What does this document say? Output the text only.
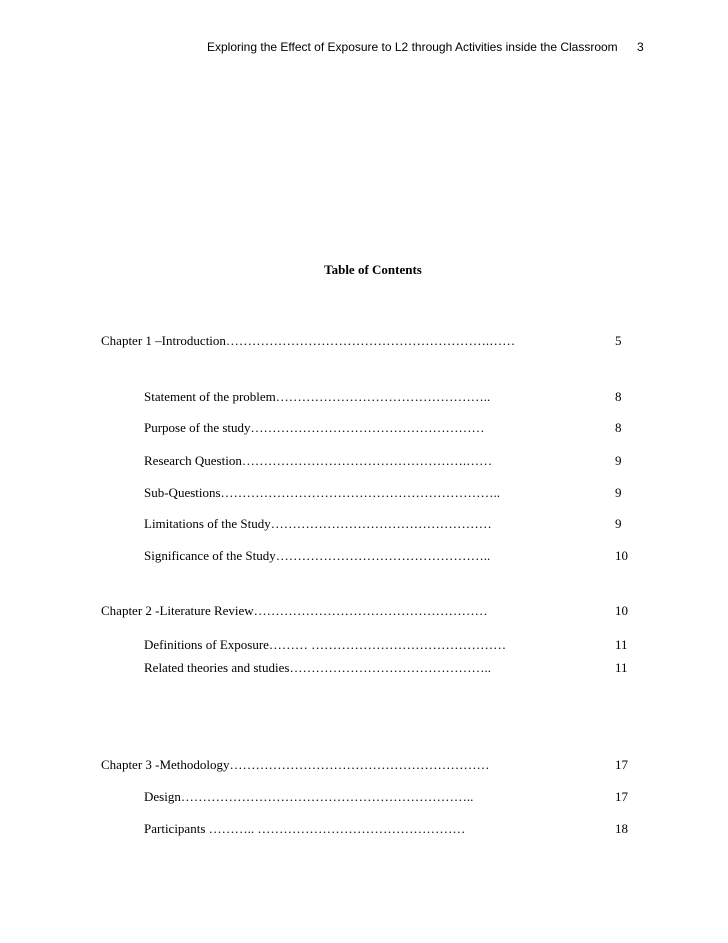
Exploring the Effect of Exposure to L2 through Activities inside the Classroom 3
Table of Contents
Chapter 1 –Introduction…………………………………………………….……	5
Statement of the problem…………………………………………..	8
Purpose of the study………………………………………………	8
Research Question…………………………………………….……	9
Sub-Questions………………………………………………………..	9
Limitations of the Study……………………………………………	9
Significance of the Study…………………………………………..	10
Chapter 2 -Literature Review………………………………………………	10
Definitions of Exposure……… ………………………………………	11
Related theories and studies………………………………………..	11
Chapter 3 -Methodology……………………………………………………	17
Design…………………………………………………………..	17
Participants ……….. …………………………………………	18
